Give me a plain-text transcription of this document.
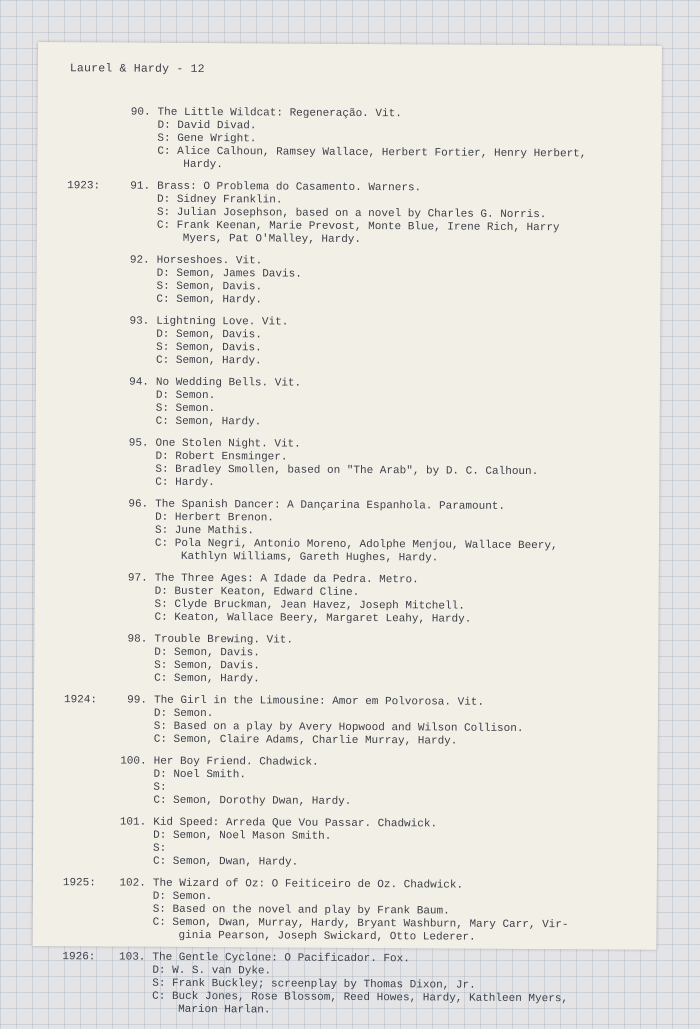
Laurel & Hardy - 12
90. The Little Wildcat: Regeneração. Vit.
D: David Divad.
S: Gene Wright.
C: Alice Calhoun, Ramsey Wallace, Herbert Fortier, Henry Herbert,
Hardy.
1923:	91. Brass: O Problema do Casamento. Warners.
D: Sidney Franklin.
S: Julian Josephson, based on a novel by Charles G. Norris.
C: Frank Keenan, Marie Prevost, Monte Blue, Irene Rich, Harry
Myers, Pat O'Malley, Hardy.
92. Horseshoes. Vit.
D: Semon, James Davis.
S: Semon, Davis.
C: Semon, Hardy.
93. Lightning Love. Vit.
D: Semon, Davis.
S: Semon, Davis.
C: Semon, Hardy.
94. No Wedding Bells. Vit.
D: Semon.
S: Semon.
C: Semon, Hardy.
95. One Stolen Night. Vit.
D: Robert Ensminger.
S: Bradley Smollen, based on "The Arab", by D. C. Calhoun.
C: Hardy.
96. The Spanish Dancer: A Dançarina Espanhola. Paramount.
D: Herbert Brenon.
S: June Mathis.
C: Pola Negri, Antonio Moreno, Adolphe Menjou, Wallace Beery,
Kathlyn Williams, Gareth Hughes, Hardy.
97. The Three Ages: A Idade da Pedra. Metro.
D: Buster Keaton, Edward Cline.
S: Clyde Bruckman, Jean Havez, Joseph Mitchell.
C: Keaton, Wallace Beery, Margaret Leahy, Hardy.
98. Trouble Brewing. Vit.
D: Semon, Davis.
S: Semon, Davis.
C: Semon, Hardy.
1924:	99. The Girl in the Limousine: Amor em Polvorosa. Vit.
D: Semon.
S: Based on a play by Avery Hopwood and Wilson Collison.
C: Semon, Claire Adams, Charlie Murray, Hardy.
100. Her Boy Friend. Chadwick.
D: Noel Smith.
S:
C: Semon, Dorothy Dwan, Hardy.
101. Kid Speed: Arreda Que Vou Passar. Chadwick.
D: Semon, Noel Mason Smith.
S:
C: Semon, Dwan, Hardy.
1925:	102. The Wizard of Oz: O Feiticeiro de Oz. Chadwick.
D: Semon.
S: Based on the novel and play by Frank Baum.
C: Semon, Dwan, Murray, Hardy, Bryant Washburn, Mary Carr, Vir-
ginia Pearson, Joseph Swickard, Otto Lederer.
1926:	103. The Gentle Cyclone: O Pacificador. Fox.
D: W. S. van Dyke.
S: Frank Buckley; screenplay by Thomas Dixon, Jr.
C: Buck Jones, Rose Blossom, Reed Howes, Hardy, Kathleen Myers,
Marion Harlan.
